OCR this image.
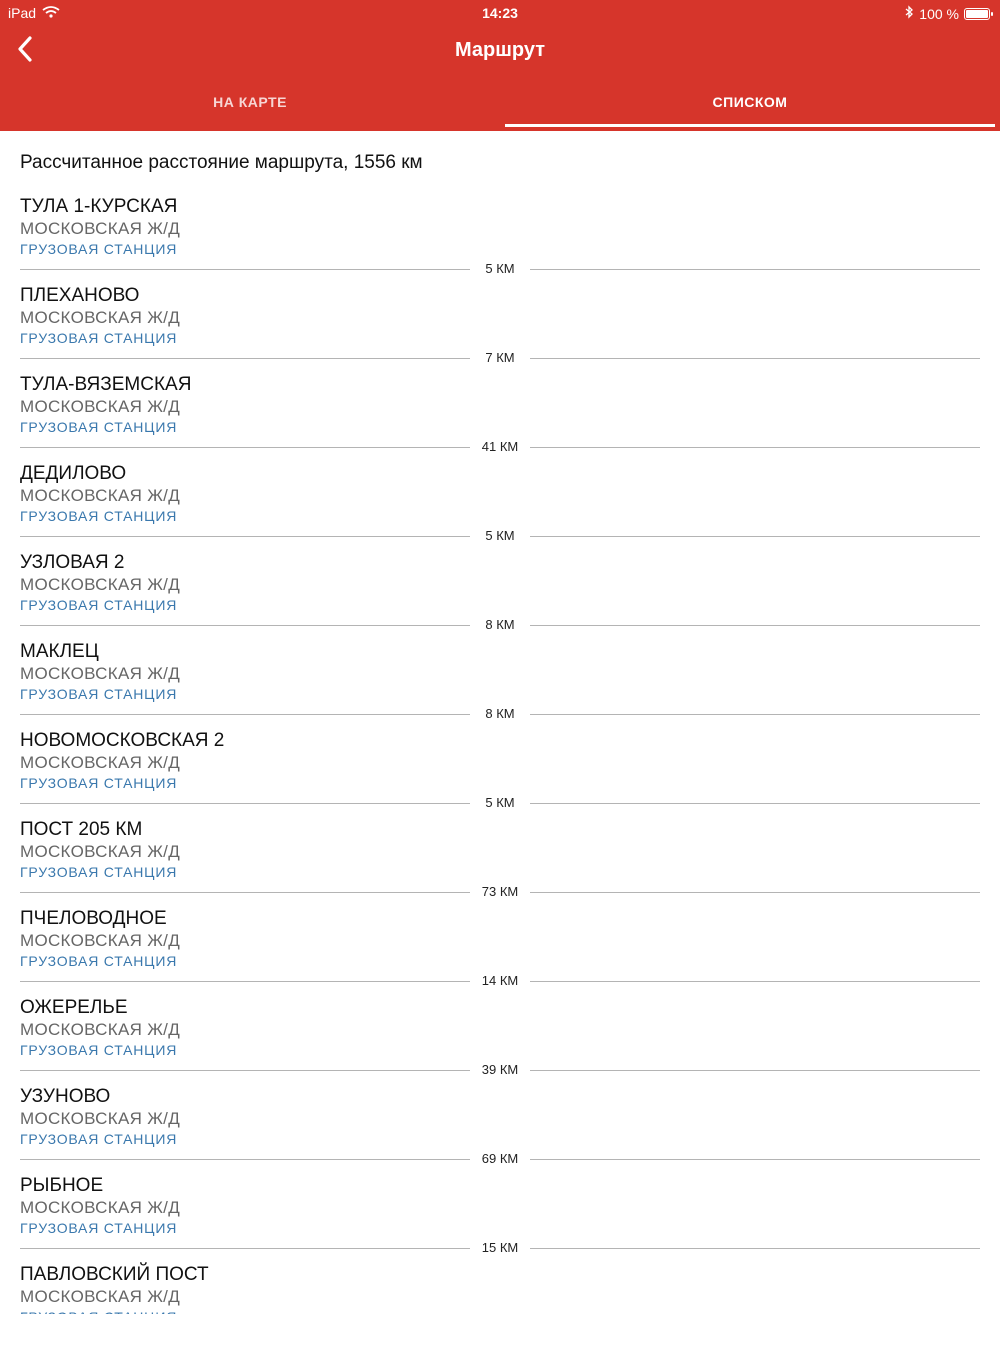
iPad	14:23	100 %
Маршрут
НА КАРТЕ	СПИСКОМ
Рассчитанное расстояние маршрута, 1556 км
ТУЛА 1-КУРСКАЯ
МОСКОВСКАЯ Ж/Д
ГРУЗОВАЯ СТАНЦИЯ
5 КМ
ПЛЕХАНОВО
МОСКОВСКАЯ Ж/Д
ГРУЗОВАЯ СТАНЦИЯ
7 КМ
ТУЛА-ВЯЗЕМСКАЯ
МОСКОВСКАЯ Ж/Д
ГРУЗОВАЯ СТАНЦИЯ
41 КМ
ДЕДИЛОВО
МОСКОВСКАЯ Ж/Д
ГРУЗОВАЯ СТАНЦИЯ
5 КМ
УЗЛОВАЯ 2
МОСКОВСКАЯ Ж/Д
ГРУЗОВАЯ СТАНЦИЯ
8 КМ
МАКЛЕЦ
МОСКОВСКАЯ Ж/Д
ГРУЗОВАЯ СТАНЦИЯ
8 КМ
НОВОМОСКОВСКАЯ 2
МОСКОВСКАЯ Ж/Д
ГРУЗОВАЯ СТАНЦИЯ
5 КМ
ПОСТ 205 КМ
МОСКОВСКАЯ Ж/Д
ГРУЗОВАЯ СТАНЦИЯ
73 КМ
ПЧЕЛОВОДНОЕ
МОСКОВСКАЯ Ж/Д
ГРУЗОВАЯ СТАНЦИЯ
14 КМ
ОЖЕРЕЛЬЕ
МОСКОВСКАЯ Ж/Д
ГРУЗОВАЯ СТАНЦИЯ
39 КМ
УЗУНОВО
МОСКОВСКАЯ Ж/Д
ГРУЗОВАЯ СТАНЦИЯ
69 КМ
РЫБНОЕ
МОСКОВСКАЯ Ж/Д
ГРУЗОВАЯ СТАНЦИЯ
15 КМ
ПАВЛОВСКИЙ ПОСТ
МОСКОВСКАЯ Ж/Д
